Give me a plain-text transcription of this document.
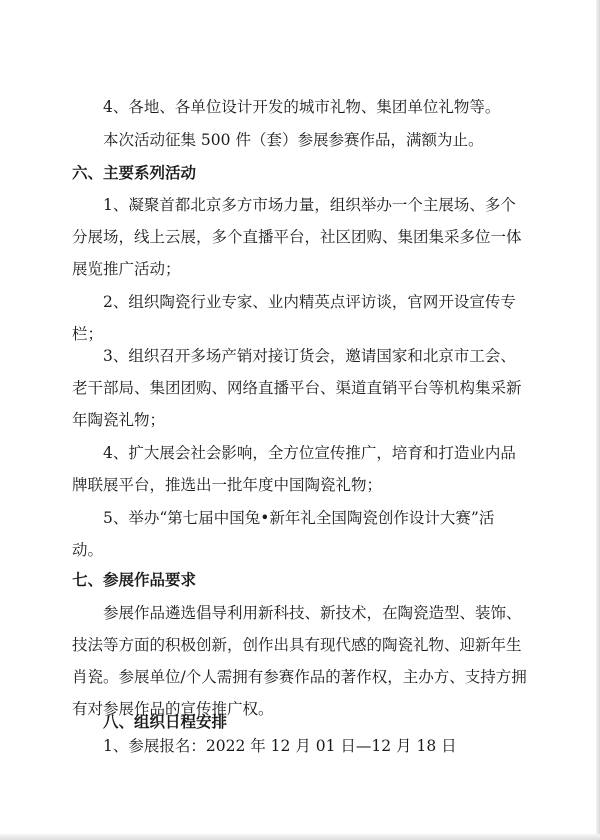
4、各地、各单位设计开发的城市礼物、集团单位礼物等。
本次活动征集 500 件（套）参展参赛作品，满额为止。
六、主要系列活动
1、凝聚首都北京多方市场力量，组织举办一个主展场、多个
分展场，线上云展，多个直播平台，社区团购、集团集采多位一体
展览推广活动；
2、组织陶瓷行业专家、业内精英点评访谈，官网开设宣传专
栏；
3、组织召开多场产销对接订货会，邀请国家和北京市工会、
老干部局、集团团购、网络直播平台、渠道直销平台等机构集采新
年陶瓷礼物；
4、扩大展会社会影响，全方位宣传推广，培育和打造业内品
牌联展平台，推选出一批年度中国陶瓷礼物；
5、举办“第七届中国兔•新年礼全国陶瓷创作设计大赛”活
动。
七、参展作品要求
参展作品遴选倡导利用新科技、新技术，在陶瓷造型、装饰、
技法等方面的积极创新，创作出具有现代感的陶瓷礼物、迎新年生
肖瓷。参展单位/个人需拥有参赛作品的著作权，主办方、支持方拥
有对参展作品的宣传推广权。
八、组织日程安排
1、参展报名：2022 年 12 月 01 日—12 月 18 日
